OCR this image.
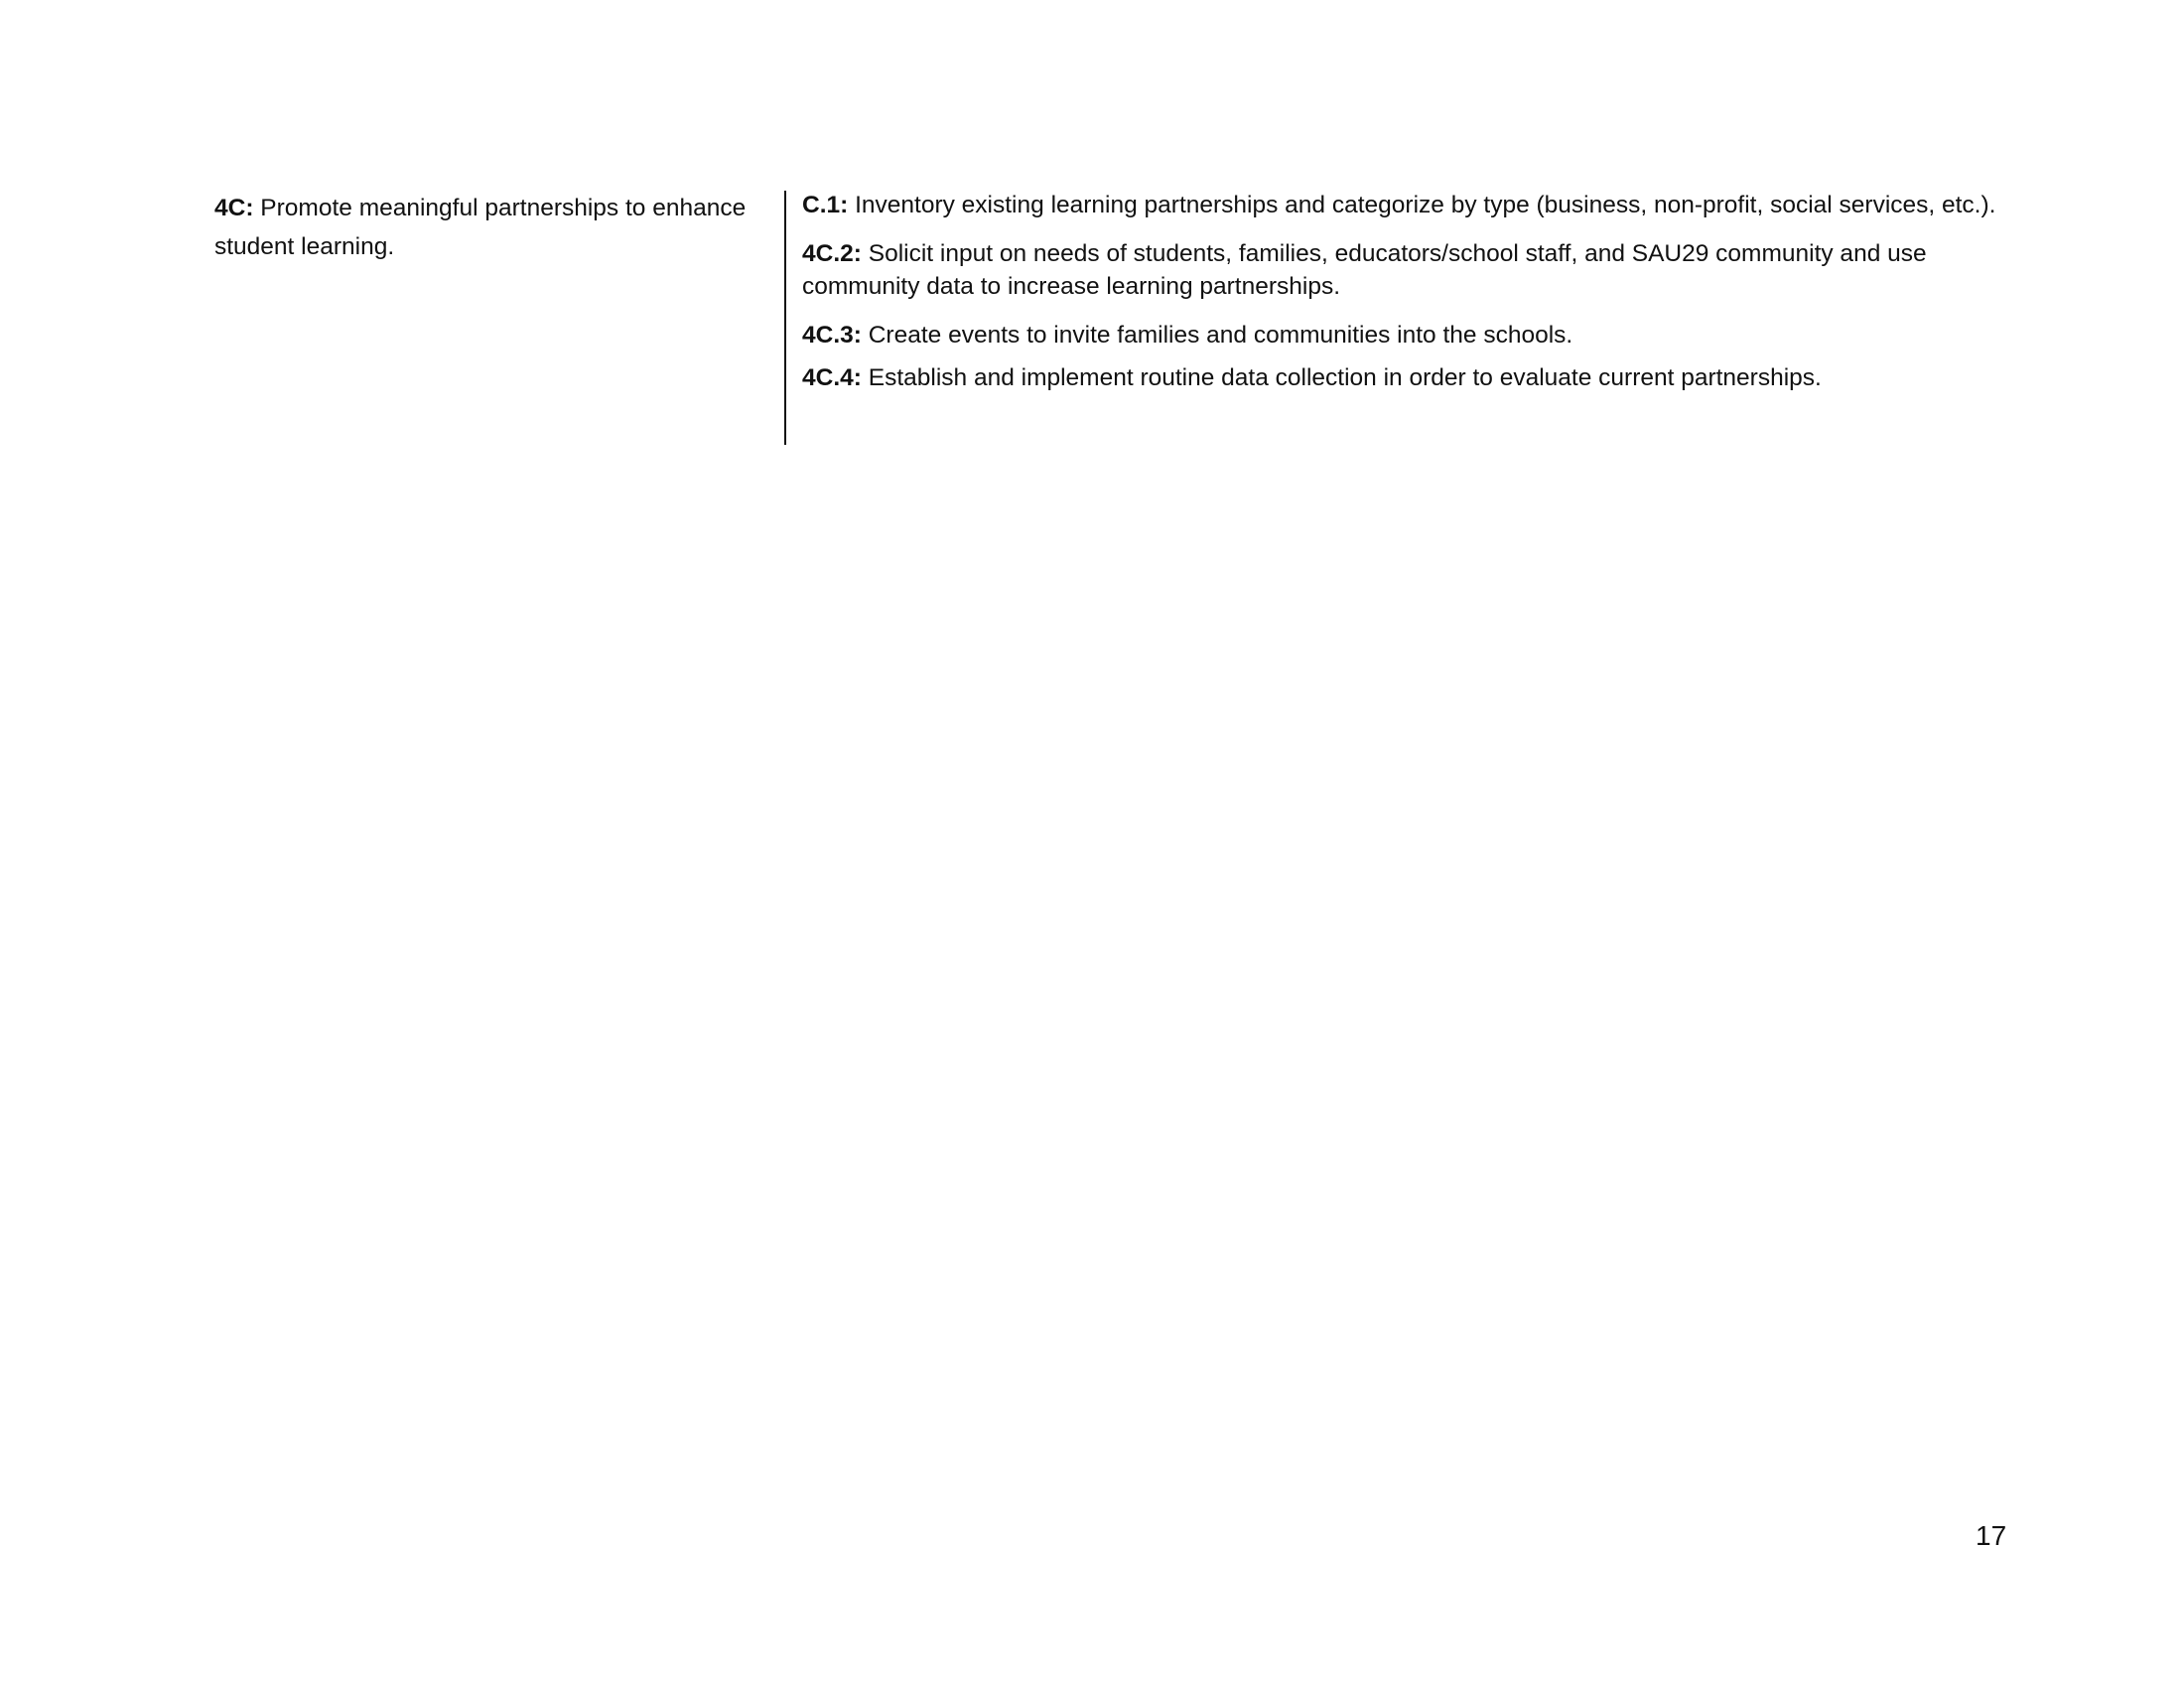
4C: Promote meaningful partnerships to enhance student learning.
C.1: Inventory existing learning partnerships and categorize by type (business, non-profit, social services, etc.).
4C.2: Solicit input on needs of students, families, educators/school staff, and SAU29 community and use community data to increase learning partnerships.
4C.3: Create events to invite families and communities into the schools.
4C.4: Establish and implement routine data collection in order to evaluate current partnerships.
17
